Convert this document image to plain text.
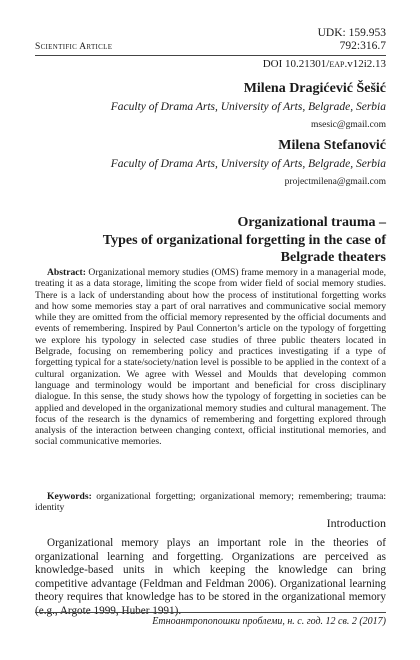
UDK: 159.953
792:316.7
Scientific Article
DOI 10.21301/eap.v12i2.13
Milena Dragićević Šešić
Faculty of Drama Arts, University of Arts, Belgrade, Serbia
msesic@gmail.com
Milena Stefanović
Faculty of Drama Arts, University of Arts, Belgrade, Serbia
projectmilena@gmail.com
Organizational trauma –
Types of organizational forgetting in the case of
Belgrade theaters
Abstract: Organizational memory studies (OMS) frame memory in a managerial mode, treating it as a data storage, limiting the scope from wider field of social memory studies. There is a lack of understanding about how the process of institutional forgetting works and how some memories stay a part of oral narratives and communicative social memory while they are omitted from the official memory represented by the official documents and events of remembering. Inspired by Paul Connerton’s article on the typology of forgetting we explore his typology in selected case studies of three public theaters located in Belgrade, focusing on remembering policy and practices investigating if a type of forgetting typical for a state/society/nation level is possible to be applied in the context of a cultural organization. We agree with Wessel and Moulds that developing common language and terminology would be important and beneficial for cross disciplinary dialogue. In this sense, the study shows how the typology of forgetting in societies can be applied and developed in the organizational memory studies and cultural management. The focus of the research is the dynamics of remembering and forgetting explored through analysis of the interaction between changing context, official institutional memories, and social communicative memories.
Keywords: organizational forgetting; organizational memory; remembering; trauma: identity
Introduction
Organizational memory plays an important role in the theories of organizational learning and forgetting. Organizations are perceived as knowledge-based units in which keeping the knowledge can bring competitive advantage (Feldman and Feldman 2006). Organizational learning theory requires that knowledge has to be stored in the organizational memory (e.g., Argote 1999, Huber 1991).
Етноантропопошки проблеми, н. с. год. 12 св. 2 (2017)
